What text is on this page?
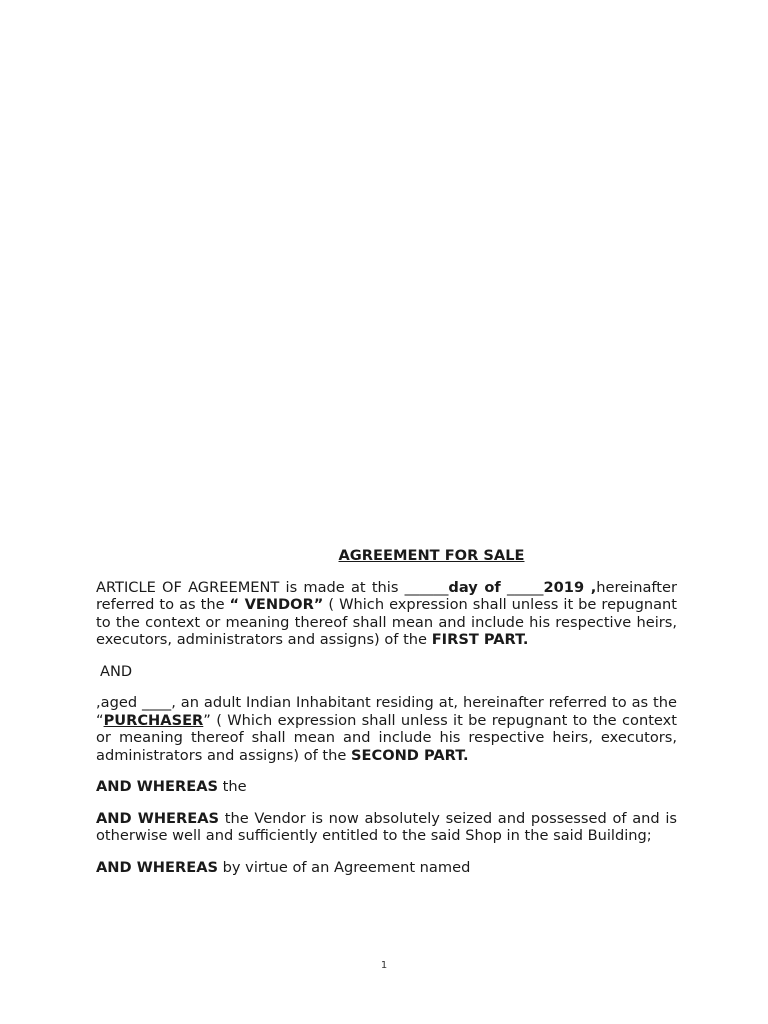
AGREEMENT FOR SALE

ARTICLE OF AGREEMENT is made at this ______day of _____2019 ,hereinafter referred to as the “ VENDOR” ( Which expression shall unless it be repugnant to the context or meaning thereof shall mean and include his respective heirs, executors, administrators and assigns) of the FIRST PART.

AND

,aged ____, an adult Indian Inhabitant residing at, hereinafter referred to as the “PURCHASER” ( Which expression shall unless it be repugnant to the context or meaning thereof shall mean and include his respective heirs, executors, administrators and assigns) of the SECOND PART.

AND WHEREAS the

AND WHEREAS the Vendor is now absolutely seized and possessed of and is otherwise well and sufficiently entitled to the said Shop in the said Building;

AND WHEREAS by virtue of an Agreement named

1
